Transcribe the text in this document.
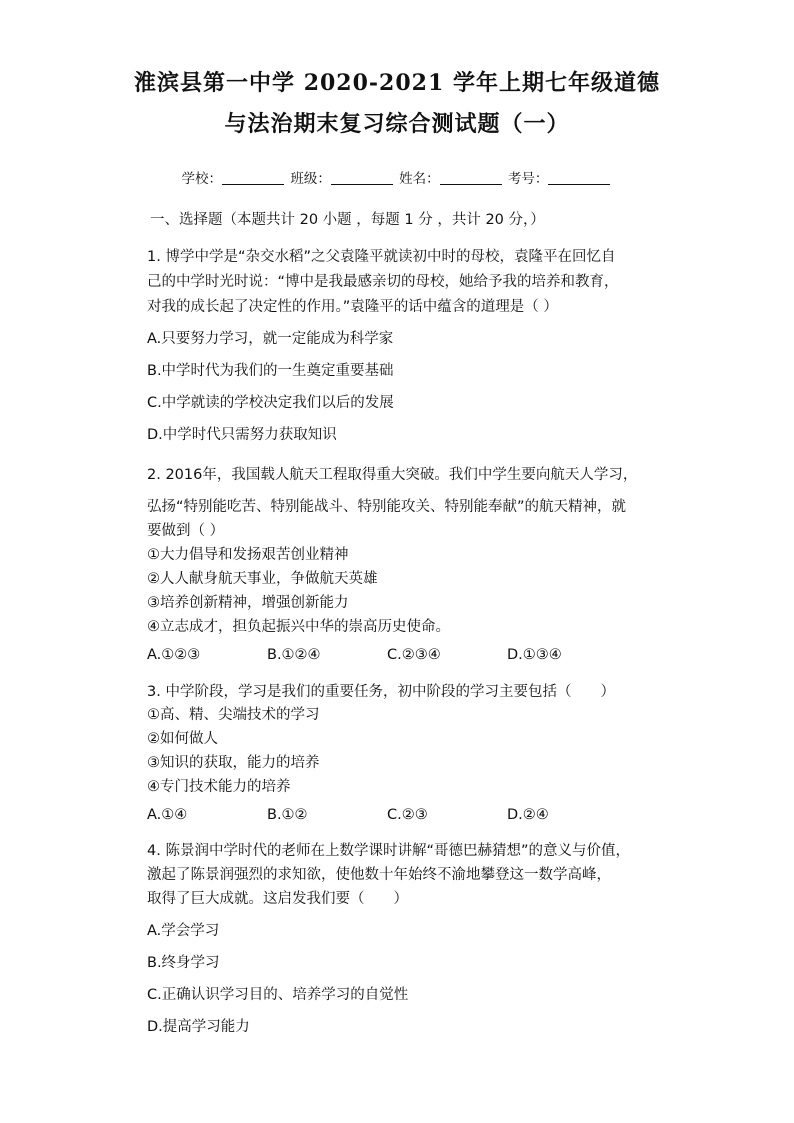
淮滨县第一中学 2020-2021 学年上期七年级道德
与法治期末复习综合测试题（一）
学校：	班级：	姓名：	考号：
一、选择题（本题共计 20 小题 ，每题 1 分 ，共计 20 分，）
1. 博学中学是“杂交水稻”之父袁隆平就读初中时的母校，袁隆平在回忆自
己的中学时光时说：“博中是我最感亲切的母校，她给予我的培养和教育，
对我的成长起了决定性的作用。”袁隆平的话中蕴含的道理是（ ）
A.只要努力学习，就一定能成为科学家
B.中学时代为我们的一生奠定重要基础
C.中学就读的学校决定我们以后的发展
D.中学时代只需努力获取知识
2. 2016年，我国载人航天工程取得重大突破。我们中学生要向航天人学习，
弘扬“特别能吃苦、特别能战斗、特别能攻关、特别能奉献”的航天精神，就
要做到（ ）
①大力倡导和发扬艰苦创业精神
②人人献身航天事业，争做航天英雄
③培养创新精神，增强创新能力
④立志成才，担负起振兴中华的崇高历史使命。
A.①②③	B.①②④	C.②③④	D.①③④
3. 中学阶段，学习是我们的重要任务，初中阶段的学习主要包括（　　）
①高、精、尖端技术的学习
②如何做人
③知识的获取，能力的培养
④专门技术能力的培养
A.①④	B.①②	C.②③	D.②④
4. 陈景润中学时代的老师在上数学课时讲解“哥德巴赫猜想”的意义与价值，
激起了陈景润强烈的求知欲，使他数十年始终不渝地攀登这一数学高峰，
取得了巨大成就。这启发我们要（　　）
A.学会学习
B.终身学习
C.正确认识学习目的、培养学习的自觉性
D.提高学习能力
